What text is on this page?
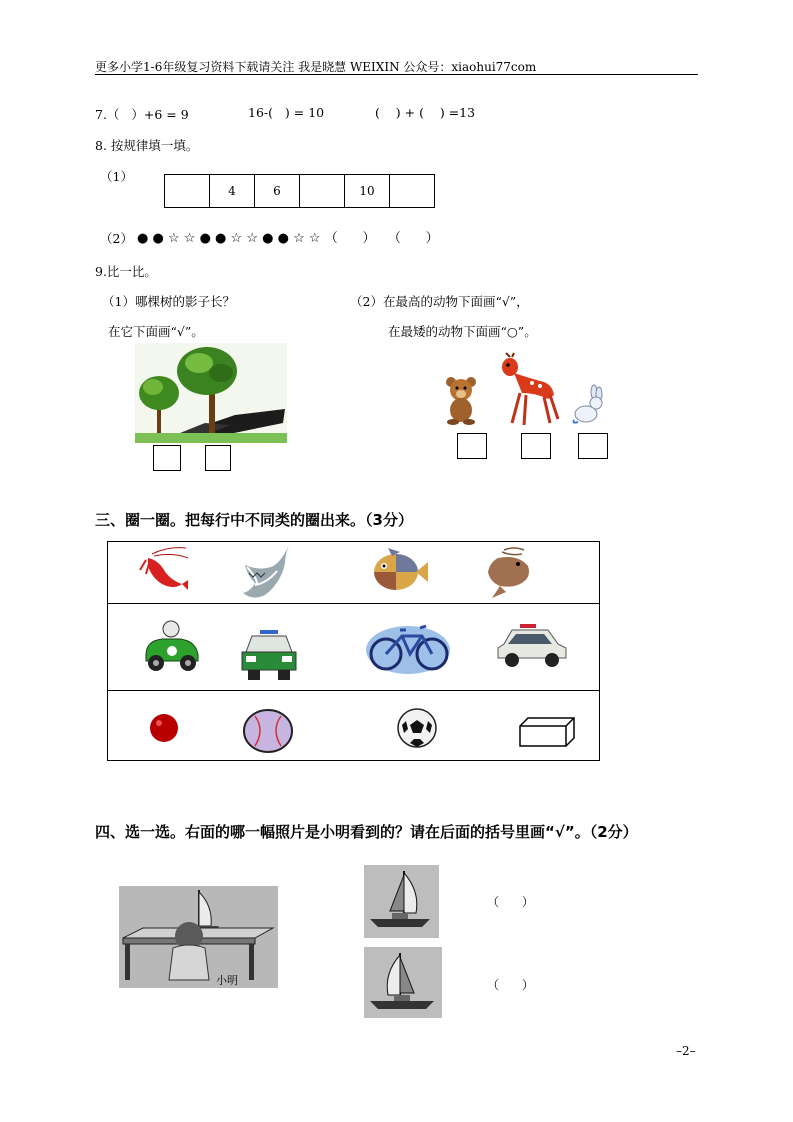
更多小学1-6年级复习资料下载请关注 我是晓慧 WEIXIN 公众号：xiaohui77com
7.（   ）+6 = 9	16-(   ) = 10	(    ) + (    ) =13
8. 按规律填一填。
（1）
	4	6		10	
（2） ● ● ☆ ☆ ● ● ☆ ☆ ● ● ☆ ☆ （      ）   （      ）
9.比一比。
（1）哪棵树的影子长？
在它下面画“√”。
（2）在最高的动物下面画“√”，
在最矮的动物下面画“○”。
三、圈一圈。把每行中不同类的圈出来。（3分）
四、选一选。右面的哪一幅照片是小明看到的？请在后面的括号里画“√”。（2分）
小明
（      ）
（      ）
–2–
